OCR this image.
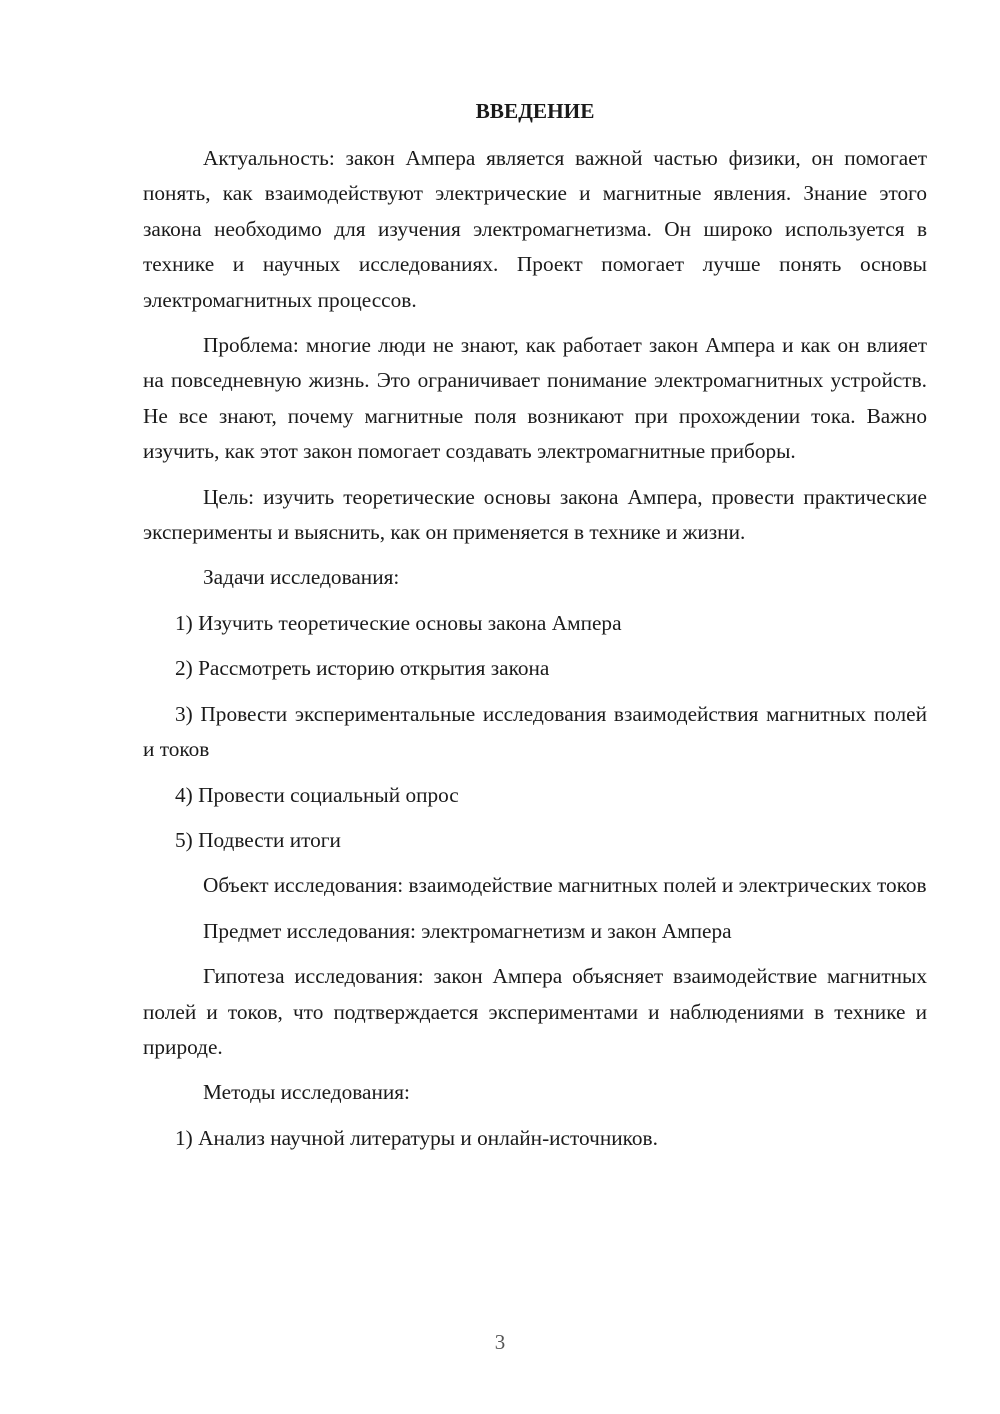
ВВЕДЕНИЕ

Актуальность: закон Ампера является важной частью физики, он помогает понять, как взаимодействуют электрические и магнитные явления. Знание этого закона необходимо для изучения электромагнетизма. Он широко используется в технике и научных исследованиях. Проект помогает лучше понять основы электромагнитных процессов.

Проблема: многие люди не знают, как работает закон Ампера и как он влияет на повседневную жизнь. Это ограничивает понимание электромагнитных устройств. Не все знают, почему магнитные поля возникают при прохождении тока. Важно изучить, как этот закон помогает создавать электромагнитные приборы.

Цель: изучить теоретические основы закона Ампера, провести практические эксперименты и выяснить, как он применяется в технике и жизни.

Задачи исследования:

1) Изучить теоретические основы закона Ампера

2) Рассмотреть историю открытия закона

3) Провести экспериментальные исследования взаимодействия магнитных полей и токов

4) Провести социальный опрос

5) Подвести итоги

Объект исследования: взаимодействие магнитных полей и электрических токов

Предмет исследования: электромагнетизм и закон Ампера

Гипотеза исследования: закон Ампера объясняет взаимодействие магнитных полей и токов, что подтверждается экспериментами и наблюдениями в технике и природе.

Методы исследования:

1) Анализ научной литературы и онлайн-источников.

3
